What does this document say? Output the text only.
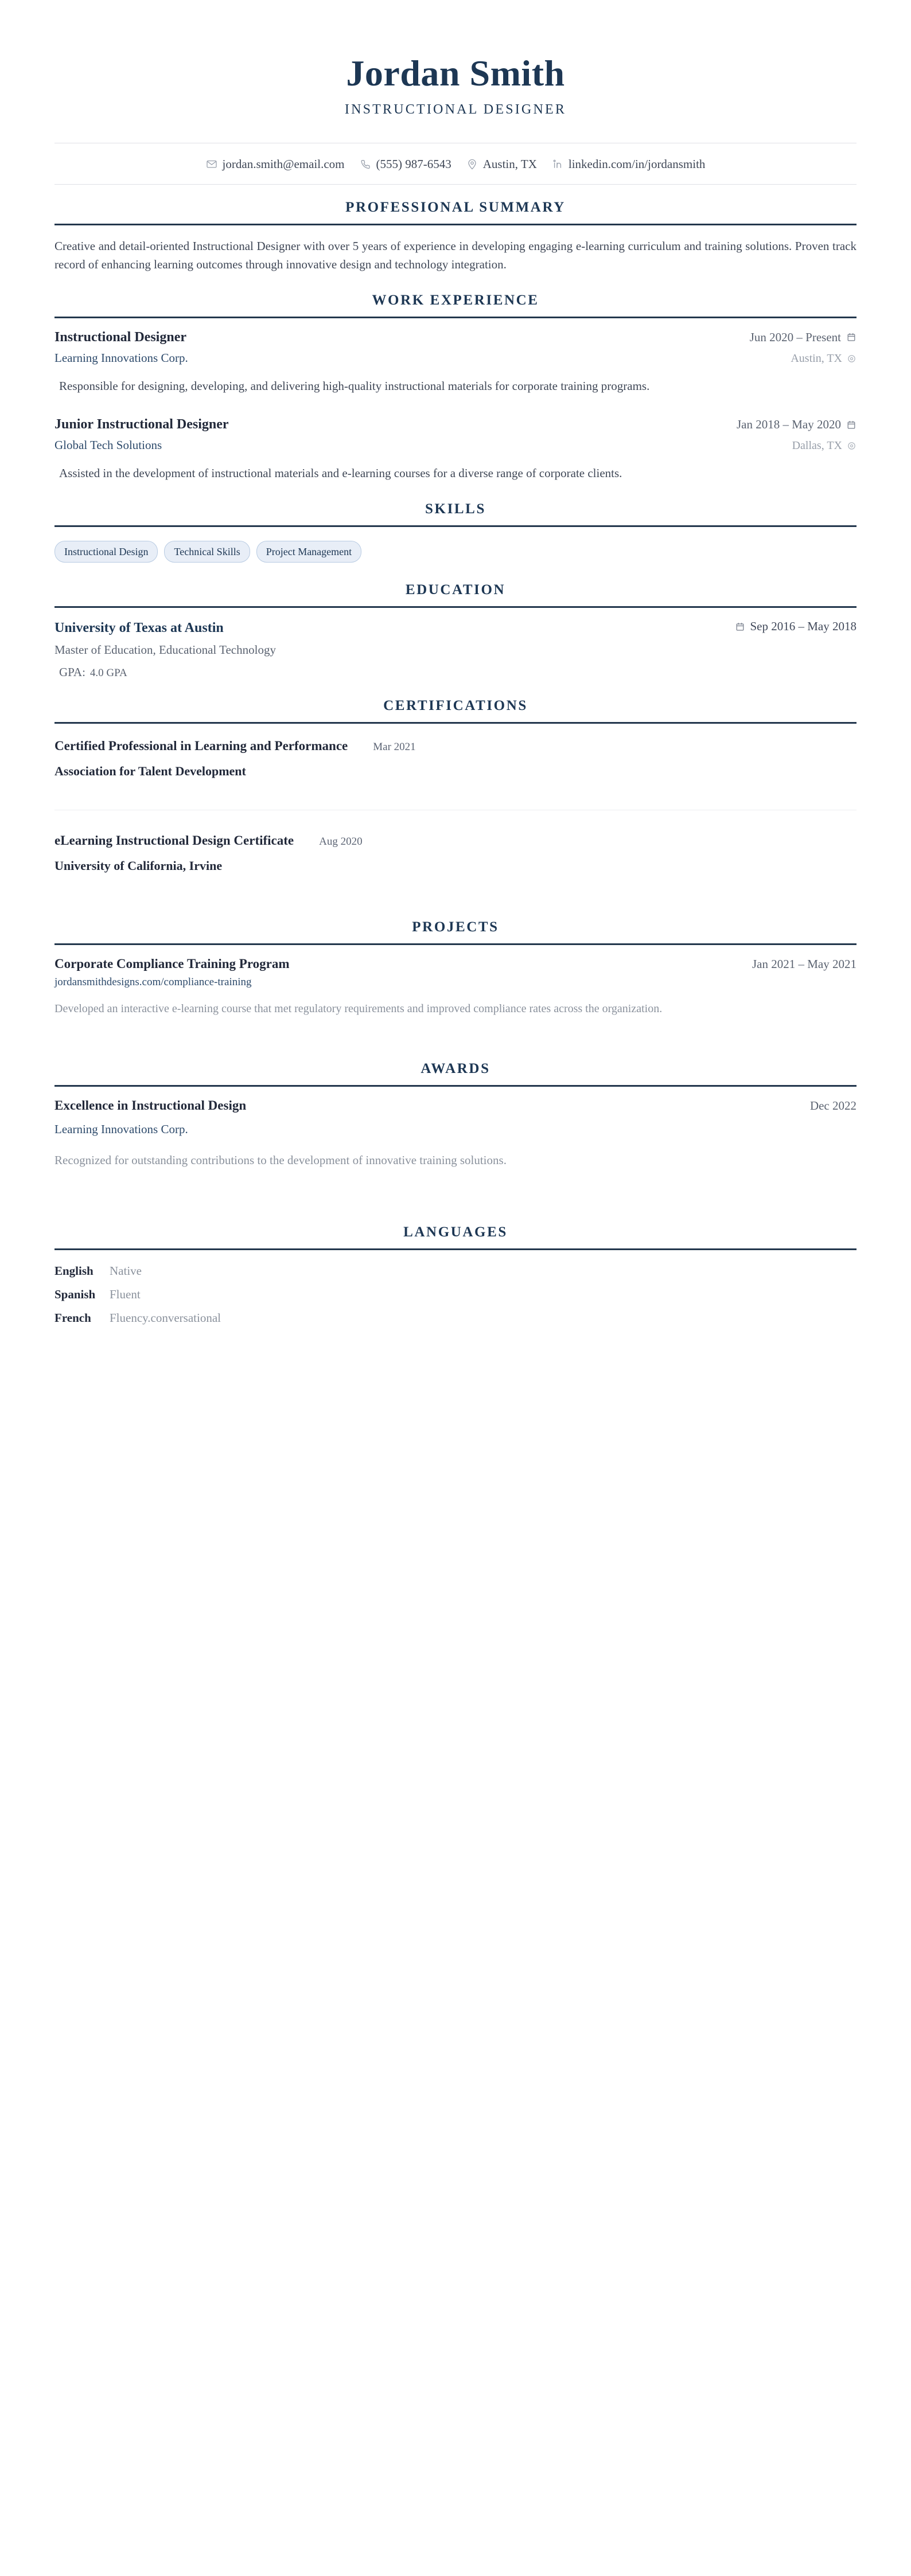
Jordan Smith
INSTRUCTIONAL DESIGNER
jordan.smith@email.com	(555) 987-6543	Austin, TX	linkedin.com/in/jordansmith
PROFESSIONAL SUMMARY

Creative and detail-oriented Instructional Designer with over 5 years of experience in developing engaging e-learning curriculum and training solutions. Proven track record of enhancing learning outcomes through innovative design and technology integration.

WORK EXPERIENCE
Instructional Designer	Jun 2020 – Present
Learning Innovations Corp.	Austin, TX
Responsible for designing, developing, and delivering high-quality instructional materials for corporate training programs.
Junior Instructional Designer	Jan 2018 – May 2020
Global Tech Solutions	Dallas, TX
Assisted in the development of instructional materials and e-learning courses for a diverse range of corporate clients.
SKILLS
Instructional Design	Technical Skills	Project Management
EDUCATION
University of Texas at Austin	Sep 2016 – May 2018
Master of Education, Educational Technology
GPA: 4.0 GPA
CERTIFICATIONS
Certified Professional in Learning and Performance Mar 2021
Association for Talent Development
eLearning Instructional Design Certificate Aug 2020
University of California, Irvine
PROJECTS
Corporate Compliance Training Program	Jan 2021 – May 2021
jordansmithdesigns.com/compliance-training
Developed an interactive e-learning course that met regulatory requirements and improved compliance rates across the organization.
AWARDS
Excellence in Instructional Design	Dec 2022
Learning Innovations Corp.
Recognized for outstanding contributions to the development of innovative training solutions.
LANGUAGES
English	Native
Spanish	Fluent
French	Fluency.conversational
